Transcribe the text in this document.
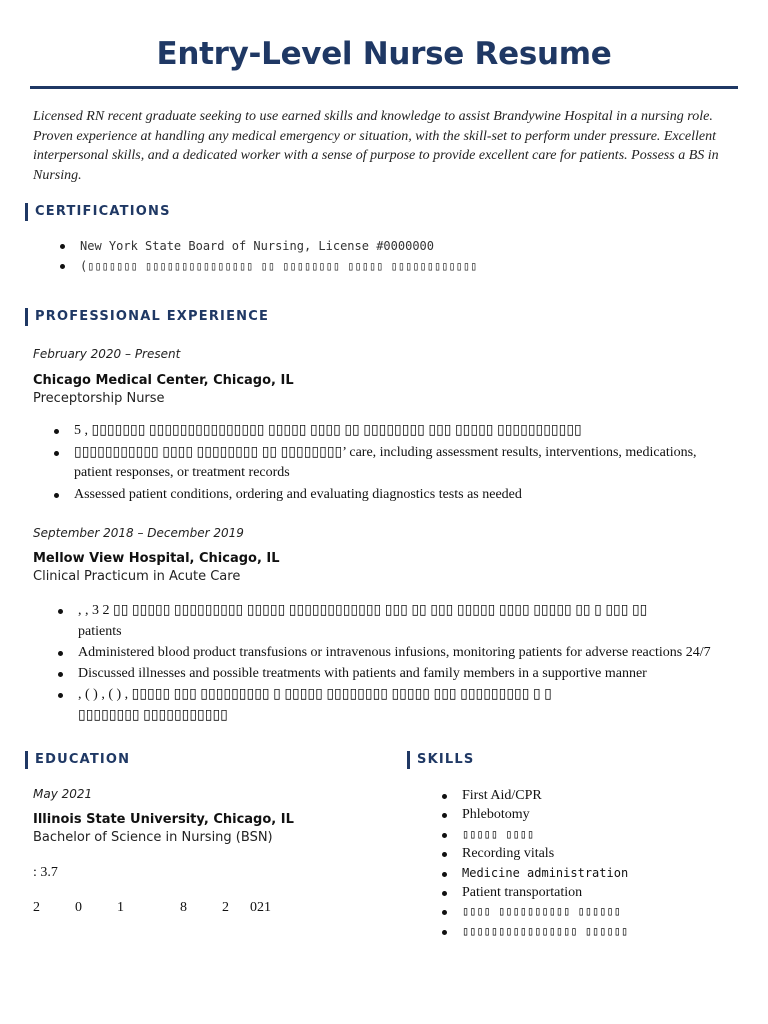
Entry-Level Nurse Resume
Licensed RN recent graduate seeking to use earned skills and knowledge to assist Brandywine Hospital in a nursing role. Proven experience at handling any medical emergency or situation, with the skill-set to perform under pressure. Excellent interpersonal skills, and a dedicated worker with a sense of purpose to provide excellent care for patients. Possess a BS in Nursing.
CERTIFICATIONS
New York State Board of Nursing, License #0000000
(▯▯▯▯▯▯▯ ▯▯▯▯▯▯▯▯▯▯▯▯▯▯▯ ▯▯ ▯▯▯▯▯▯▯▯ ▯▯▯▯▯ ▯▯▯▯▯▯▯▯▯▯▯▯
PROFESSIONAL EXPERIENCE
February 2020 – Present
Chicago Medical Center, Chicago, IL
Preceptorship Nurse
5 , ▯▯▯▯▯▯▯ ▯▯▯▯▯▯▯▯▯▯▯▯▯▯▯ ▯▯▯▯▯ ▯▯▯▯ ▯▯ ▯▯▯▯▯▯▯▯ ▯▯▯ ▯▯▯▯▯ ▯▯▯▯▯▯▯▯▯▯▯
▯▯▯▯▯▯▯▯▯▯▯ ▯▯▯▯ ▯▯▯▯▯▯▯▯ ▯▯ ▯▯▯▯▯▯▯▯’ care, including assessment results, interventions, medications, patient responses, or treatment records
Assessed patient conditions, ordering and evaluating diagnostics tests as needed
September 2018 – December 2019
Mellow View Hospital, Chicago, IL
Clinical Practicum in Acute Care
, , 3 2 ▯▯ ▯▯▯▯▯ ▯▯▯▯▯▯▯▯▯ ▯▯▯▯▯ ▯▯▯▯▯▯▯▯▯▯▯▯ ▯▯▯ ▯▯ ▯▯▯ ▯▯▯▯▯ ▯▯▯▯ ▯▯▯▯▯ ▯▯ ▯ ▯▯▯ ▯▯
patients
Administered blood product transfusions or intravenous infusions, monitoring patients for adverse reactions 24/7
Discussed illnesses and possible treatments with patients and family members in a supportive manner
, ( ) , ( ) , ▯▯▯▯▯ ▯▯▯ ▯▯▯▯▯▯▯▯▯ ▯ ▯▯▯▯▯ ▯▯▯▯▯▯▯▯ ▯▯▯▯▯ ▯▯▯ ▯▯▯▯▯▯▯▯▯ ▯ ▯
▯▯▯▯▯▯▯▯ ▯▯▯▯▯▯▯▯▯▯▯
EDUCATION
May 2021
Illinois State University, Chicago, IL
Bachelor of Science in Nursing (BSN)
: 3.7
2          0          1                8          2      021
SKILLS
First Aid/CPR
Phlebotomy
▯▯▯▯▯ ▯▯▯▯
Recording vitals
Medicine administration
Patient transportation
▯▯▯▯ ▯▯▯▯▯▯▯▯▯▯ ▯▯▯▯▯▯
▯▯▯▯▯▯▯▯▯▯▯▯▯▯▯▯ ▯▯▯▯▯▯
